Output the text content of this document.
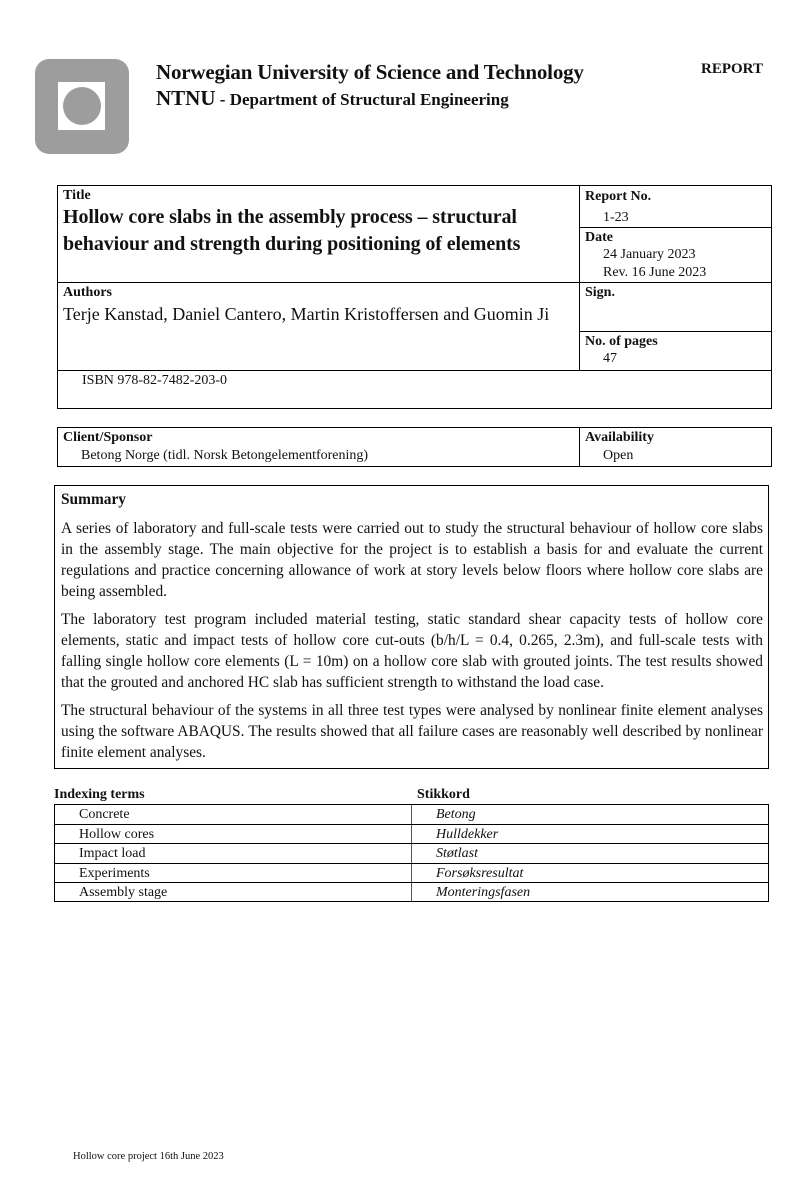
Norwegian University of Science and Technology
NTNU - Department of Structural Engineering
REPORT
Title
Hollow core slabs in the assembly process – structural
behaviour and strength during positioning of elements
Report No.
1-23
Date
24 January 2023
Rev. 16 June 2023
Authors
Terje Kanstad, Daniel Cantero, Martin Kristoffersen and Guomin Ji
Sign.
No. of pages
47
ISBN 978-82-7482-203-0
Client/Sponsor
Betong Norge (tidl. Norsk Betongelementforening)
Availability
Open
Summary

A series of laboratory and full-scale tests were carried out to study the structural behaviour of hollow core slabs in the assembly stage. The main objective for the project is to establish a basis for and evaluate the current regulations and practice concerning allowance of work at story levels below floors where hollow core slabs are being assembled.

The laboratory test program included material testing, static standard shear capacity tests of hollow core elements, static and impact tests of hollow core cut-outs (b/h/L = 0.4, 0.265, 2.3m), and full-scale tests with falling single hollow core elements (L = 10m) on a hollow core slab with grouted joints. The test results showed that the grouted and anchored HC slab has sufficient strength to withstand the load case.

The structural behaviour of the systems in all three test types were analysed by nonlinear finite element analyses using the software ABAQUS. The results showed that all failure cases are reasonably well described by nonlinear finite element analyses.

Indexing terms	Stikkord
Concrete	Betong
Hollow cores	Hulldekker
Impact load	Støtlast
Experiments	Forsøksresultat
Assembly stage	Monteringsfasen
Hollow core project 16th June 2023
